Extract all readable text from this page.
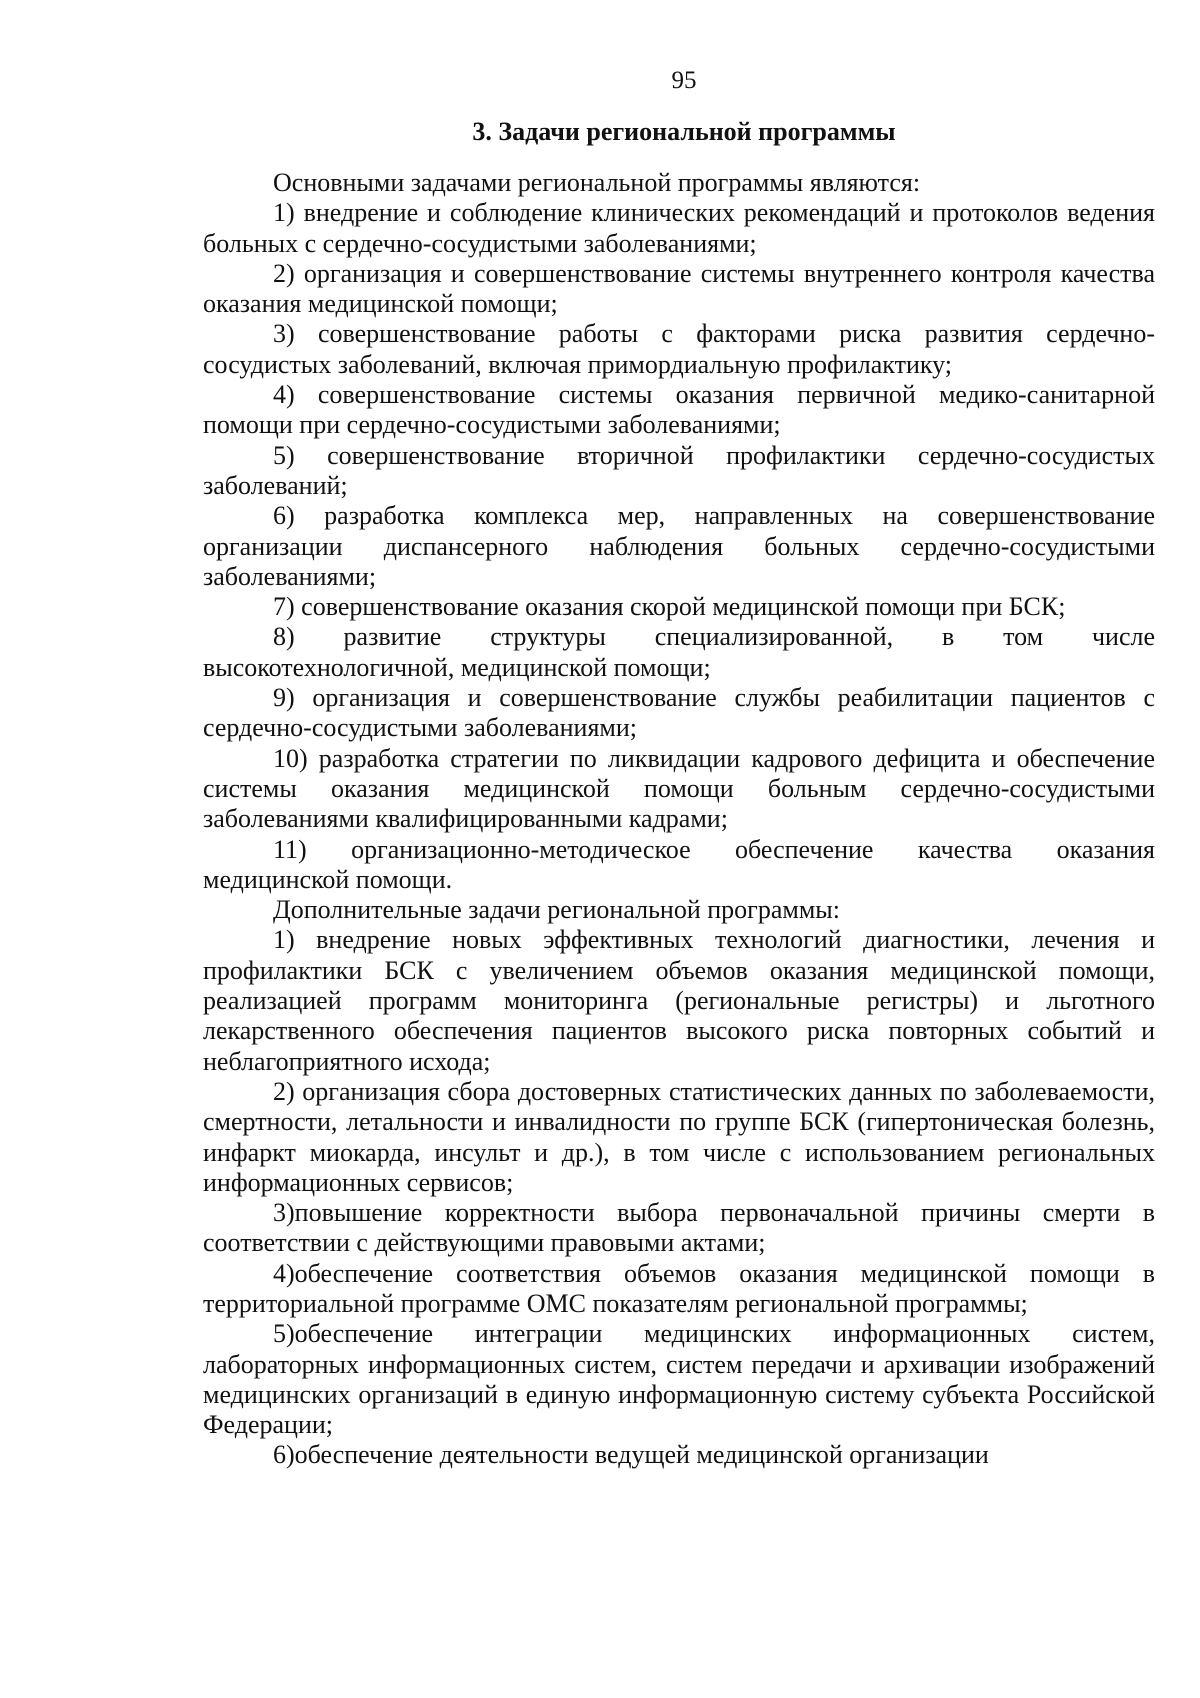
95
3. Задачи региональной программы

Основными задачами региональной программы являются:

1) внедрение и соблюдение клинических рекомендаций и протоколов ведения больных с сердечно-сосудистыми заболеваниями;

2) организация и совершенствование системы внутреннего контроля качества оказания медицинской помощи;

3) совершенствование работы с факторами риска развития сердечно-сосудистых заболеваний, включая примордиальную профилактику;

4) совершенствование системы оказания первичной медико-санитарной помощи при сердечно-сосудистыми заболеваниями;

5) совершенствование вторичной профилактики сердечно-сосудистых заболеваний;

6) разработка комплекса мер, направленных на совершенствование организации диспансерного наблюдения больных сердечно-сосудистыми заболеваниями;

7) совершенствование оказания скорой медицинской помощи при БСК;

8) развитие структуры специализированной, в том числе высокотехнологичной, медицинской помощи;

9) организация и совершенствование службы реабилитации пациентов с сердечно-сосудистыми заболеваниями;

10) разработка стратегии по ликвидации кадрового дефицита и обеспечение системы оказания медицинской помощи больным сердечно-сосудистыми заболеваниями квалифицированными кадрами;

11) организационно-методическое обеспечение качества оказания медицинской помощи.

Дополнительные задачи региональной программы:

1) внедрение новых эффективных технологий диагностики, лечения и профилактики БСК с увеличением объемов оказания медицинской помощи, реализацией программ мониторинга (региональные регистры) и льготного лекарственного обеспечения пациентов высокого риска повторных событий и неблагоприятного исхода;

2) организация сбора достоверных статистических данных по заболеваемости, смертности, летальности и инвалидности по группе БСК (гипертоническая болезнь, инфаркт миокарда, инсульт и др.), в том числе с использованием региональных информационных сервисов;

3)повышение корректности выбора первоначальной причины смерти в соответствии с действующими правовыми актами;

4)обеспечение соответствия объемов оказания медицинской помощи в территориальной программе ОМС показателям региональной программы;

5)обеспечение интеграции медицинских информационных систем, лабораторных информационных систем, систем передачи и архивации изображений медицинских организаций в единую информационную систему субъекта Российской Федерации;

6)обеспечение деятельности ведущей медицинской организации
